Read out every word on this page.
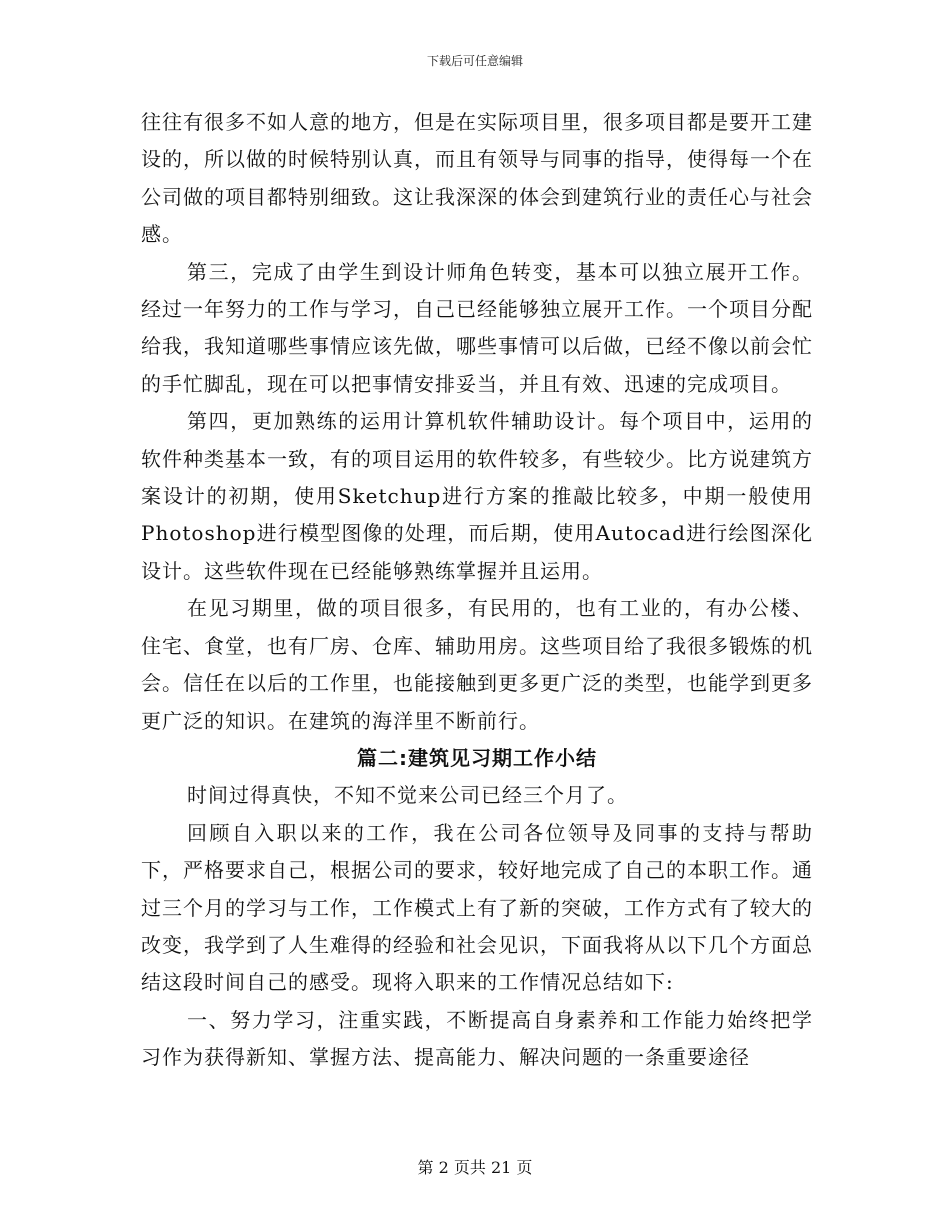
下载后可任意编辑

往往有很多不如人意的地方，但是在实际项目里，很多项目都是要开工建设的，所以做的时候特别认真，而且有领导与同事的指导，使得每一个在公司做的项目都特别细致。这让我深深的体会到建筑行业的责任心与社会感。

第三，完成了由学生到设计师角色转变，基本可以独立展开工作。经过一年努力的工作与学习，自己已经能够独立展开工作。一个项目分配给我，我知道哪些事情应该先做，哪些事情可以后做，已经不像以前会忙的手忙脚乱，现在可以把事情安排妥当，并且有效、迅速的完成项目。

第四，更加熟练的运用计算机软件辅助设计。每个项目中，运用的软件种类基本一致，有的项目运用的软件较多，有些较少。比方说建筑方案设计的初期，使用Sketchup进行方案的推敲比较多，中期一般使用Photoshop进行模型图像的处理，而后期，使用Autocad进行绘图深化设计。这些软件现在已经能够熟练掌握并且运用。

在见习期里，做的项目很多，有民用的，也有工业的，有办公楼、住宅、食堂，也有厂房、仓库、辅助用房。这些项目给了我很多锻炼的机会。信任在以后的工作里，也能接触到更多更广泛的类型，也能学到更多更广泛的知识。在建筑的海洋里不断前行。

篇二:建筑见习期工作小结

时间过得真快，不知不觉来公司已经三个月了。

回顾自入职以来的工作，我在公司各位领导及同事的支持与帮助下，严格要求自己，根据公司的要求，较好地完成了自己的本职工作。通过三个月的学习与工作，工作模式上有了新的突破，工作方式有了较大的改变，我学到了人生难得的经验和社会见识，下面我将从以下几个方面总结这段时间自己的感受。现将入职来的工作情况总结如下:

一、努力学习，注重实践，不断提高自身素养和工作能力始终把学习作为获得新知、掌握方法、提高能力、解决问题的一条重要途径

第 2 页共 21 页
